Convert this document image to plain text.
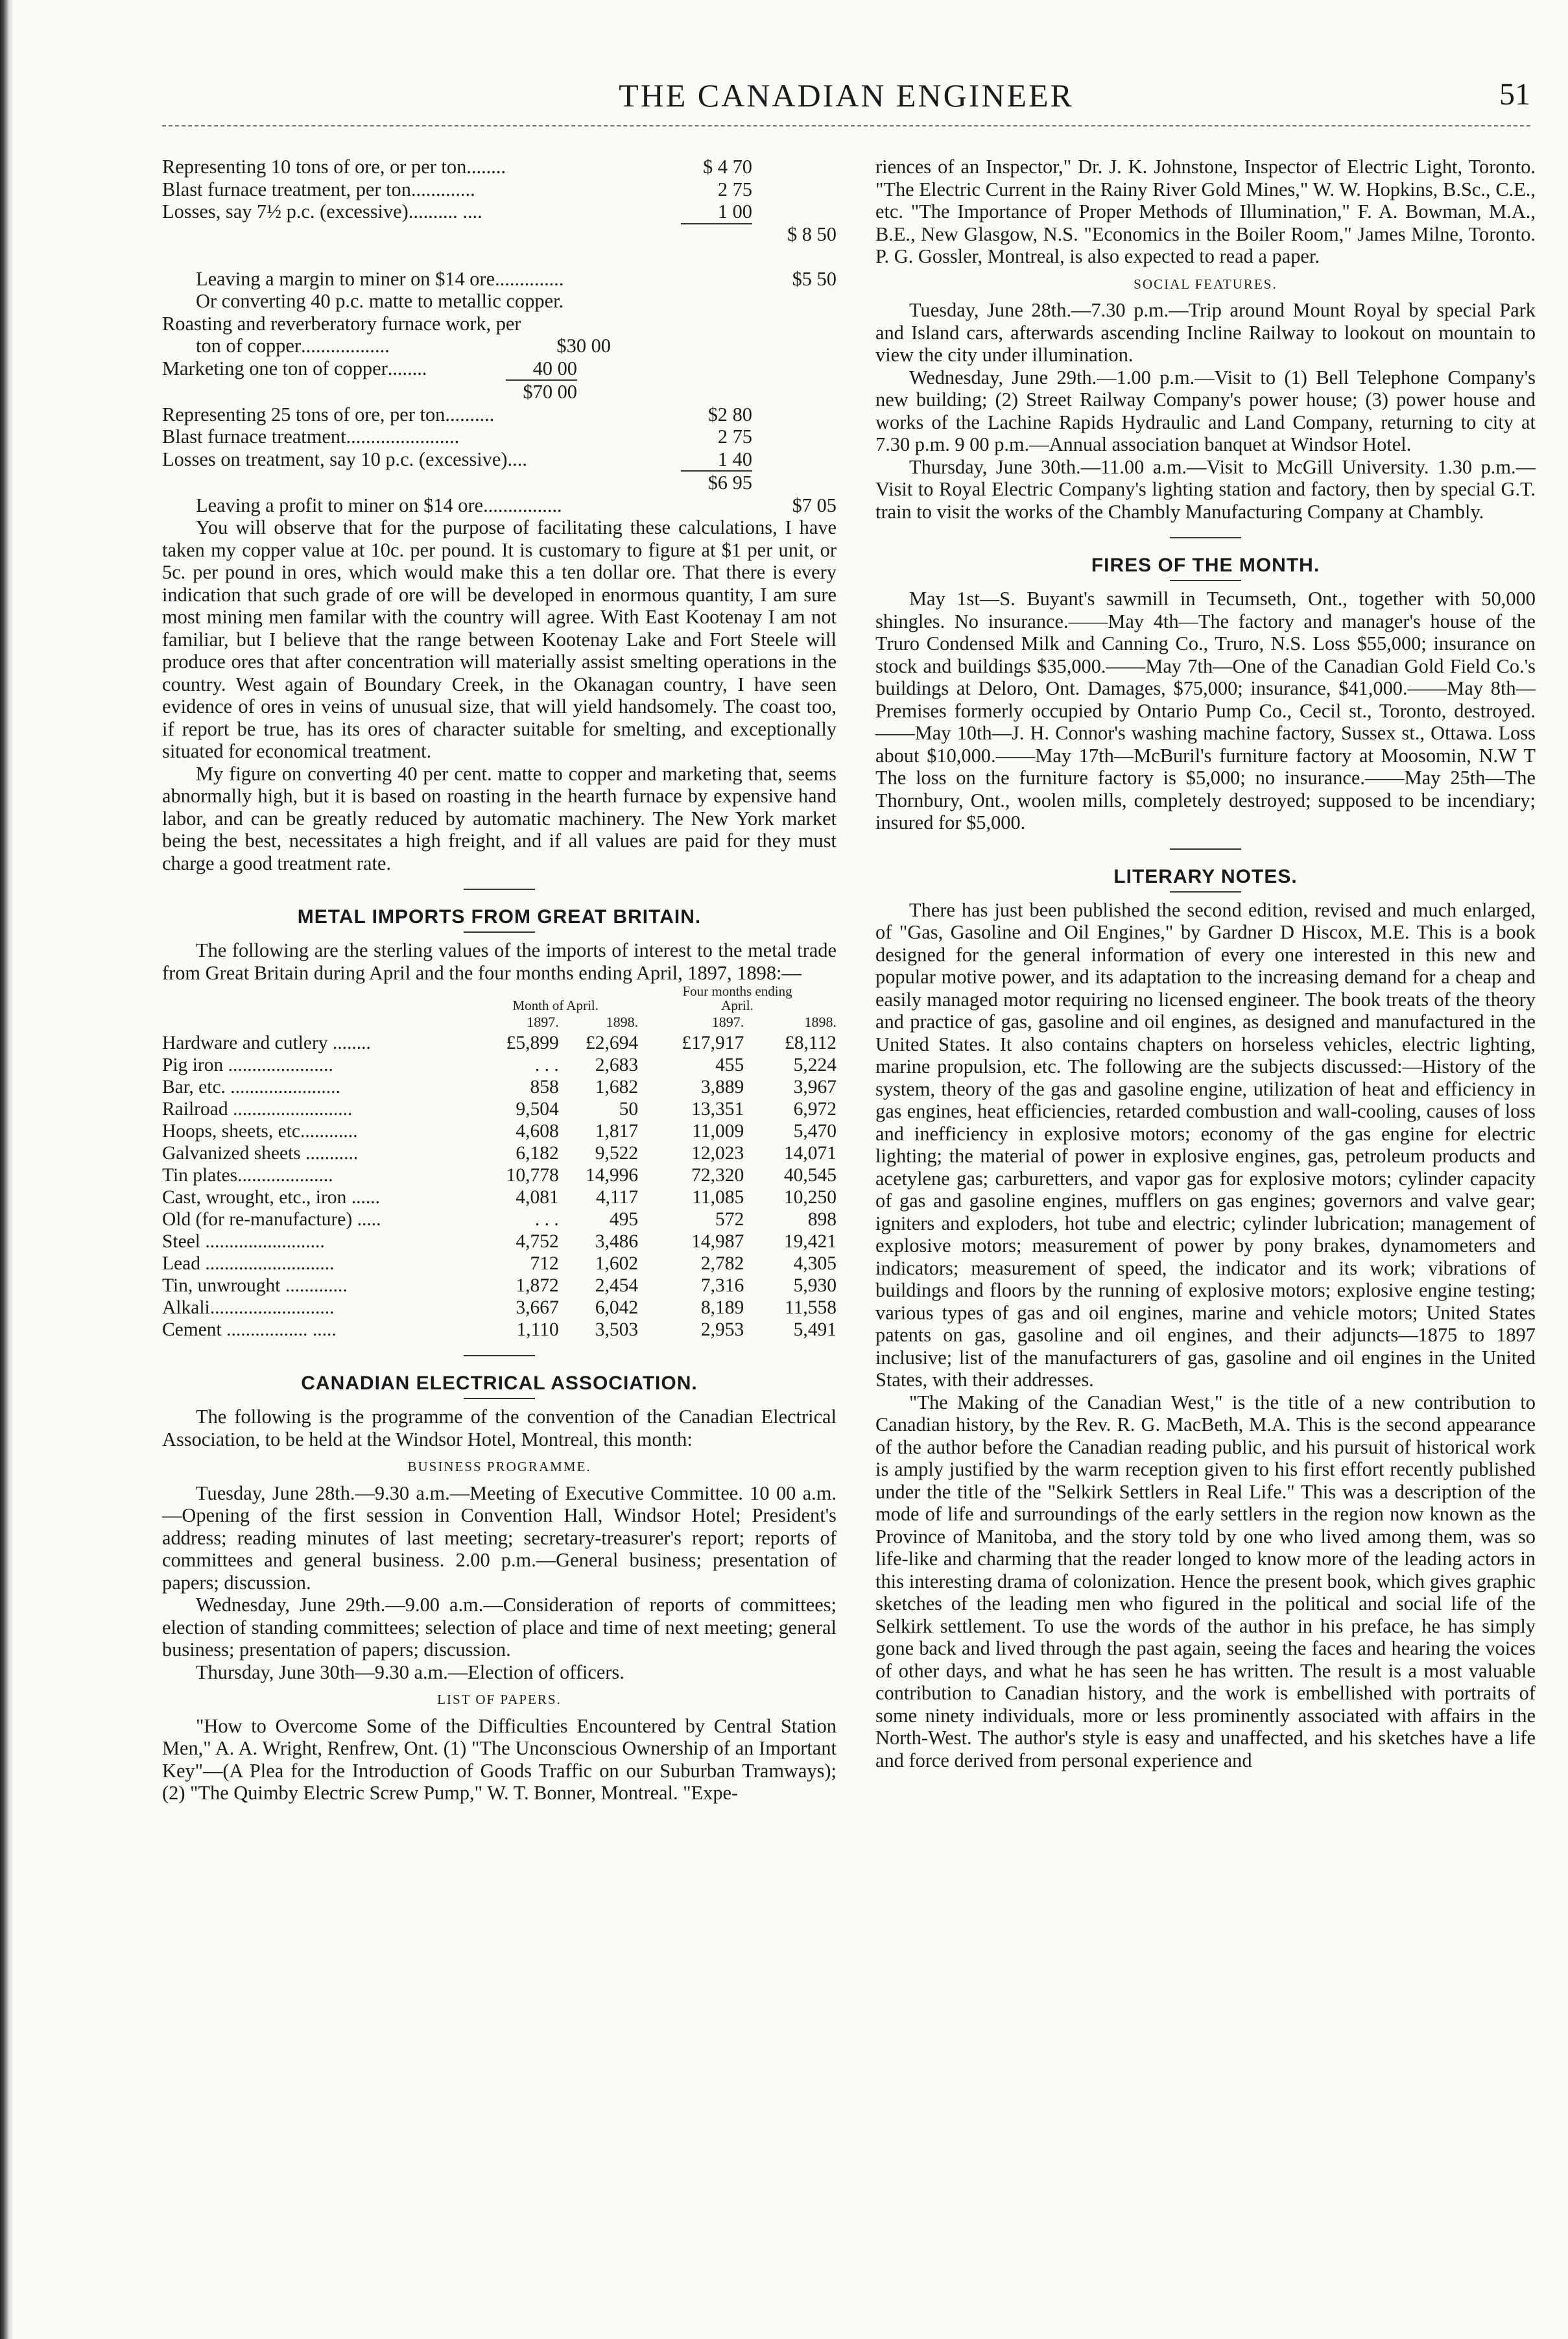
THE CANADIAN ENGINEER	51
Representing 10 tons of ore, or per ton.. ......	$ 4 70
Blast furnace treatment, per ton .............	2 75
Losses, say 7½ p.c. (excessive) .......... ....	1 00
$ 8 50
Leaving a margin to miner on $14 ore ..............	$5 50
Or converting 40 p.c. matte to metallic copper.
Roasting and reverberatory furnace work, per
ton of copper ..................	$30 00
Marketing one ton of copper ........	40 00
$70 00
Representing 25 tons of ore, per ton ..........	$2 80
Blast furnace treatment .......................	2 75
Losses on treatment, say 10 p.c. (excessive) ....	1 40
$6 95
Leaving a profit to miner on $14 ore ................	$7 05

You will observe that for the purpose of facilitating these calculations, I have taken my copper value at 10c. per pound. It is customary to figure at $1 per unit, or 5c. per pound in ores, which would make this a ten dollar ore. That there is every indication that such grade of ore will be developed in enormous quantity, I am sure most mining men familar with the country will agree. With East Kootenay I am not familiar, but I believe that the range between Kootenay Lake and Fort Steele will produce ores that after concentration will materially assist smelting operations in the country. West again of Boundary Creek, in the Okanagan country, I have seen evidence of ores in veins of unusual size, that will yield handsomely. The coast too, if report be true, has its ores of character suitable for smelting, and exceptionally situated for economical treatment.

My figure on converting 40 per cent. matte to copper and marketing that, seems abnormally high, but it is based on roasting in the hearth furnace by expensive hand labor, and can be greatly reduced by automatic machinery. The New York market being the best, necessitates a high freight, and if all values are paid for they must charge a good treatment rate.

METAL IMPORTS FROM GREAT BRITAIN.

The following are the sterling values of the imports of interest to the metal trade from Great Britain during April and the four months ending April, 1897, 1898:—

	Month of April.		Four months ending
April.	

	1897.	1898.	1897.	1898.
Hardware and cutlery ........	£5,899	£2,694	£17,917	£8,112
Pig iron ......................	. . .	2,683	455	5,224
Bar, etc. .......................	858	1,682	3,889	3,967
Railroad .........................	9,504	50	13,351	6,972
Hoops, sheets, etc............	4,608	1,817	11,009	5,470
Galvanized sheets ...........	6,182	9,522	12,023	14,071
Tin plates....................	10,778	14,996	72,320	40,545
Cast, wrought, etc., iron ......	4,081	4,117	11,085	10,250
Old (for re-manufacture) .....	. . .	495	572	898
Steel .........................	4,752	3,486	14,987	19,421
Lead ...........................	712	1,602	2,782	4,305
Tin, unwrought .............	1,872	2,454	7,316	5,930
Alkali..........................	3,667	6,042	8,189	11,558
Cement ................. .....	1,110	3,503	2,953	5,491
CANADIAN ELECTRICAL ASSOCIATION.

The following is the programme of the convention of the Canadian Electrical Association, to be held at the Windsor Hotel, Montreal, this month:

BUSINESS PROGRAMME.

Tuesday, June 28th.—9.30 a.m.—Meeting of Executive Committee. 10 00 a.m.—Opening of the first session in Convention Hall, Windsor Hotel; President's address; reading minutes of last meeting; secretary-treasurer's report; reports of committees and general business. 2.00 p.m.—General business; presentation of papers; discussion.

Wednesday, June 29th.—9.00 a.m.—Consideration of reports of committees; election of standing committees; selection of place and time of next meeting; general business; presentation of papers; discussion.

Thursday, June 30th—9.30 a.m.—Election of officers.

LIST OF PAPERS.

"How to Overcome Some of the Difficulties Encountered by Central Station Men," A. A. Wright, Renfrew, Ont. (1) "The Unconscious Ownership of an Important Key"—(A Plea for the Introduction of Goods Traffic on our Suburban Tramways); (2) "The Quimby Electric Screw Pump," W. T. Bonner, Montreal. "Expe-

riences of an Inspector," Dr. J. K. Johnstone, Inspector of Electric Light, Toronto. "The Electric Current in the Rainy River Gold Mines," W. W. Hopkins, B.Sc., C.E., etc. "The Importance of Proper Methods of Illumination," F. A. Bowman, M.A., B.E., New Glasgow, N.S. "Economics in the Boiler Room," James Milne, Toronto. P. G. Gossler, Montreal, is also expected to read a paper.

SOCIAL FEATURES.

Tuesday, June 28th.—7.30 p.m.—Trip around Mount Royal by special Park and Island cars, afterwards ascending Incline Railway to lookout on mountain to view the city under illumination.

Wednesday, June 29th.—1.00 p.m.—Visit to (1) Bell Telephone Company's new building; (2) Street Railway Company's power house; (3) power house and works of the Lachine Rapids Hydraulic and Land Company, returning to city at 7.30 p.m. 9 00 p.m.—Annual association banquet at Windsor Hotel.

Thursday, June 30th.—11.00 a.m.—Visit to McGill University. 1.30 p.m.—Visit to Royal Electric Company's lighting station and factory, then by special G.T. train to visit the works of the Chambly Manufacturing Company at Chambly.

FIRES OF THE MONTH.

May 1st—S. Buyant's sawmill in Tecumseth, Ont., together with 50,000 shingles. No insurance.——May 4th—The factory and manager's house of the Truro Condensed Milk and Canning Co., Truro, N.S. Loss $55,000; insurance on stock and buildings $35,000.——May 7th—One of the Canadian Gold Field Co.'s buildings at Deloro, Ont. Damages, $75,000; insurance, $41,000.——May 8th—Premises formerly occupied by Ontario Pump Co., Cecil st., Toronto, destroyed. ——May 10th—J. H. Connor's washing machine factory, Sussex st., Ottawa. Loss about $10,000.——May 17th—McBuril's furniture factory at Moosomin, N.W T The loss on the furniture factory is $5,000; no insurance.——May 25th—The Thornbury, Ont., woolen mills, completely destroyed; supposed to be incendiary; insured for $5,000.

LITERARY NOTES.

There has just been published the second edition, revised and much enlarged, of "Gas, Gasoline and Oil Engines," by Gardner D Hiscox, M.E. This is a book designed for the general information of every one interested in this new and popular motive power, and its adaptation to the increasing demand for a cheap and easily managed motor requiring no licensed engineer. The book treats of the theory and practice of gas, gasoline and oil engines, as designed and manufactured in the United States. It also contains chapters on horseless vehicles, electric lighting, marine propulsion, etc. The following are the subjects discussed:—History of the system, theory of the gas and gasoline engine, utilization of heat and efficiency in gas engines, heat efficiencies, retarded combustion and wall-cooling, causes of loss and inefficiency in explosive motors; economy of the gas engine for electric lighting; the material of power in explosive engines, gas, petroleum products and acetylene gas; carburetters, and vapor gas for explosive motors; cylinder capacity of gas and gasoline engines, mufflers on gas engines; governors and valve gear; igniters and exploders, hot tube and electric; cylinder lubrication; management of explosive motors; measurement of power by pony brakes, dynamometers and indicators; measurement of speed, the indicator and its work; vibrations of buildings and floors by the running of explosive motors; explosive engine testing; various types of gas and oil engines, marine and vehicle motors; United States patents on gas, gasoline and oil engines, and their adjuncts—1875 to 1897 inclusive; list of the manufacturers of gas, gasoline and oil engines in the United States, with their addresses.

"The Making of the Canadian West," is the title of a new contribution to Canadian history, by the Rev. R. G. MacBeth, M.A. This is the second appearance of the author before the Canadian reading public, and his pursuit of historical work is amply justified by the warm reception given to his first effort recently published under the title of the "Selkirk Settlers in Real Life." This was a description of the mode of life and surroundings of the early settlers in the region now known as the Province of Manitoba, and the story told by one who lived among them, was so life-like and charming that the reader longed to know more of the leading actors in this interesting drama of colonization. Hence the present book, which gives graphic sketches of the leading men who figured in the political and social life of the Selkirk settlement. To use the words of the author in his preface, he has simply gone back and lived through the past again, seeing the faces and hearing the voices of other days, and what he has seen he has written. The result is a most valuable contribution to Canadian history, and the work is embellished with portraits of some ninety individuals, more or less prominently associated with affairs in the North-West. The author's style is easy and unaffected, and his sketches have a life and force derived from personal experience and
